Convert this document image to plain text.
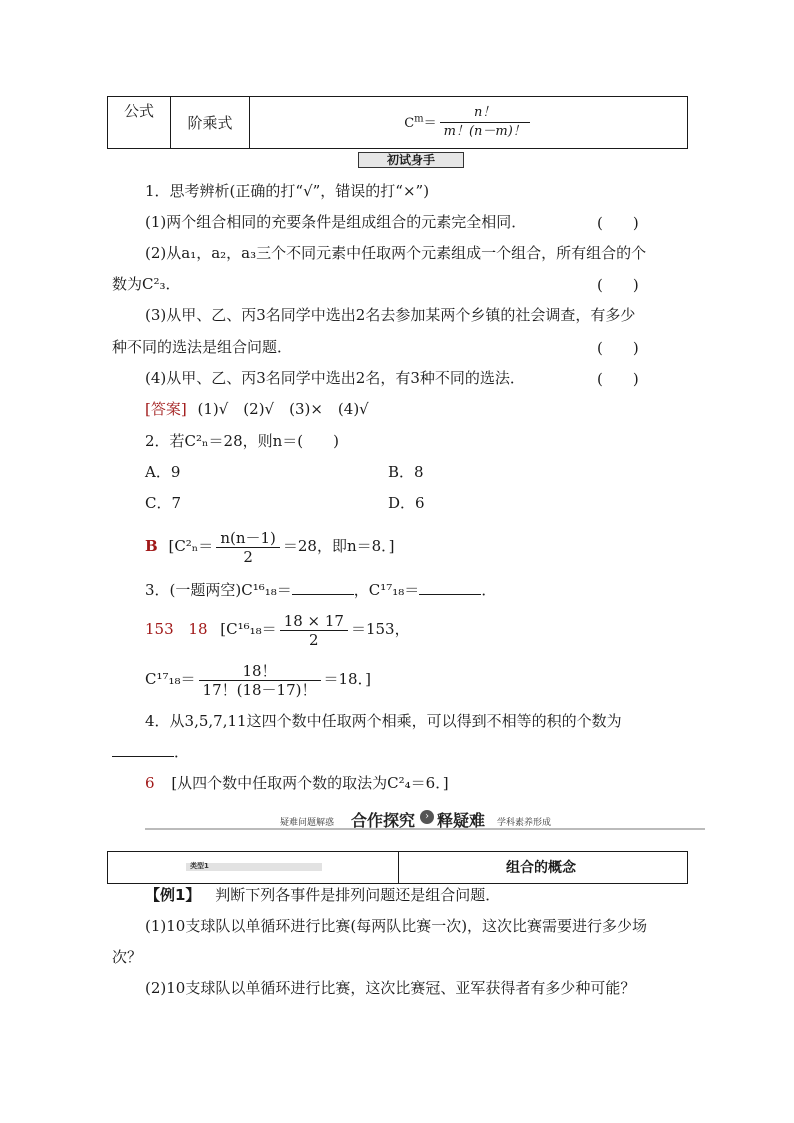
公式	阶乘式	$C^m= \frac{n!}{m!(n-m)!}$
初试身手
1．思考辨析(正确的打“√”，错误的打“×”)
(1)两个组合相同的充要条件是组成组合的元素完全相同．	(　　)
(2)从a₁，a₂，a₃三个不同元素中任取两个元素组成一个组合，所有组合的个
数为C²₃．	(　　)
(3)从甲、乙、丙3名同学中选出2名去参加某两个乡镇的社会调查，有多少
种不同的选法是组合问题．	(　　)
(4)从甲、乙、丙3名同学中选出2名，有3种不同的选法．	(　　)
[答案] (1)√　(2)√　(3)×　(4)√
2．若C²ₙ＝28，则n＝(　　)
A．9	B．8
C．7	D．6
B [$C^2_n= \frac{n(n-1)}{2} =28$，即n＝8．]
3．(一题两空)C¹⁶₁₈＝	，C¹⁷₁₈＝	．
153 18 [$C^{16}_{18}= \frac{18 \times 17}{2} =153$，
$C^{17}_{18}= \frac{18!}{17!(18-17)!} =18$．]
4．从3,5,7,11这四个数中任取两个相乘，可以得到不相等的积的个数为
．
6 [从四个数中任取两个数的取法为C²₄＝6．]
疑难问题解惑 合作探究 › 释疑难 学科素养形成
类型1	组合的概念
【例1】 判断下列各事件是排列问题还是组合问题．
(1)10支球队以单循环进行比赛(每两队比赛一次)，这次比赛需要进行多少场
次？
(2)10支球队以单循环进行比赛，这次比赛冠、亚军获得者有多少种可能？
